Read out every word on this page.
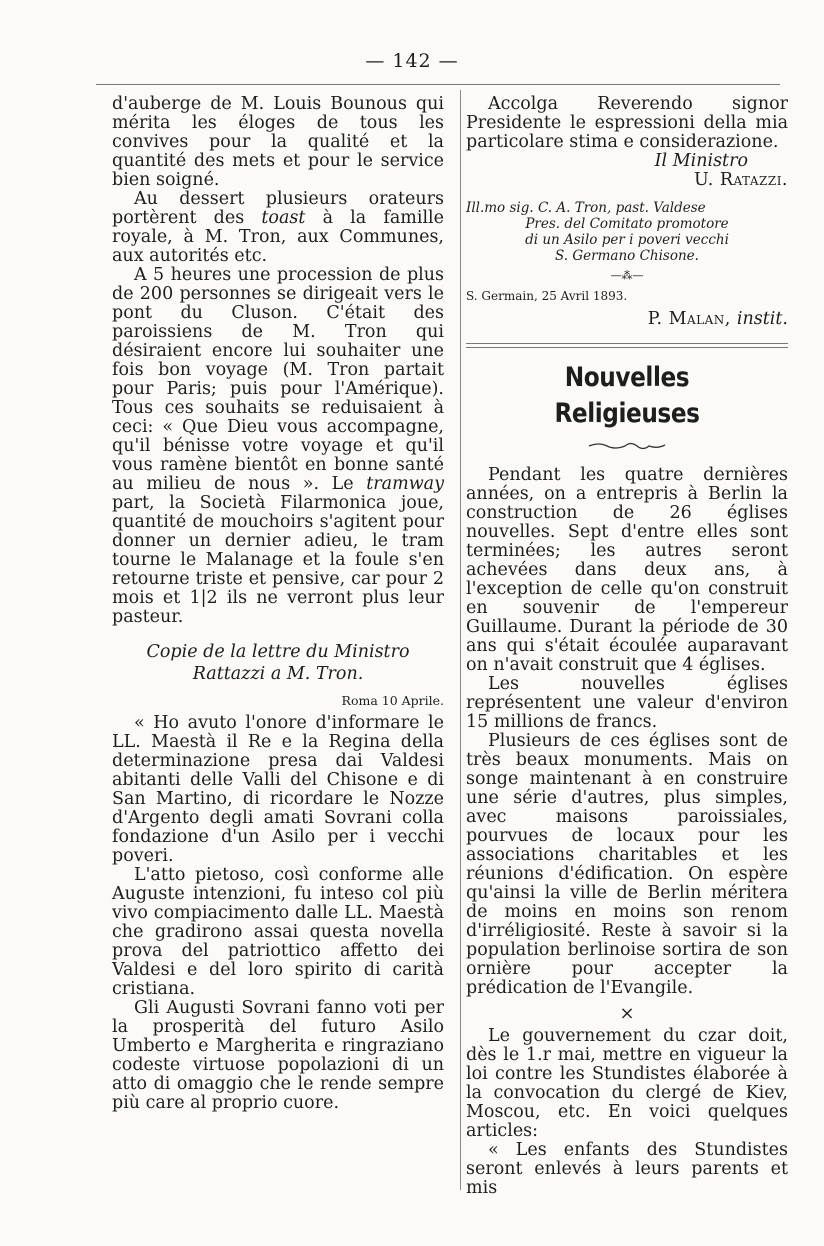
— 142 —

d'auberge de M. Louis Bounous qui mérita les éloges de tous les convives pour la qualité et la quantité des mets et pour le service bien soigné.

Au dessert plusieurs orateurs portèrent des toast à la famille royale, à M. Tron, aux Communes, aux autorités etc.

A 5 heures une procession de plus de 200 personnes se dirigeait vers le pont du Cluson. C'était des paroissiens de M. Tron qui désiraient encore lui souhaiter une fois bon voyage (M. Tron partait pour Paris; puis pour l'Amérique). Tous ces souhaits se reduisaient à ceci: « Que Dieu vous accompagne, qu'il bénisse votre voyage et qu'il vous ramène bientôt en bonne santé au milieu de nous ». Le tramway part, la Società Filarmonica joue, quantité de mouchoirs s'agitent pour donner un dernier adieu, le tram tourne le Malanage et la foule s'en retourne triste et pensive, car pour 2 mois et 1|2 ils ne verront plus leur pasteur.

Copie de la lettre du Ministro
Rattazzi a M. Tron.
Roma 10 Aprile.

« Ho avuto l'onore d'informare le LL. Maestà il Re e la Regina della determinazione presa dai Valdesi abitanti delle Valli del Chisone e di San Martino, di ricordare le Nozze d'Argento degli amati Sovrani colla fondazione d'un Asilo per i vecchi poveri.

L'atto pietoso, così conforme alle Auguste intenzioni, fu inteso col più vivo compiacimento dalle LL. Maestà che gradirono assai questa novella prova del patriottico affetto dei Valdesi e del loro spirito di carità cristiana.

Gli Augusti Sovrani fanno voti per la prosperità del futuro Asilo Umberto e Margherita e ringraziano codeste virtuose popolazioni di un atto di omaggio che le rende sempre più care al proprio cuore.

Accolga Reverendo signor Presidente le espressioni della mia particolare stima e considerazione.

Il Ministro
U. Ratazzi.
Ill.mo sig. C. A. Tron, past. Valdese
Pres. del Comitato promotore
di un Asilo per i poveri vecchi
S. Germano Chisone.
—⁂—
S. Germain, 25 Avril 1893.
P. Malan, instit.
Nouvelles Religieuses

Pendant les quatre dernières années, on a entrepris à Berlin la construction de 26 églises nouvelles. Sept d'entre elles sont terminées; les autres seront achevées dans deux ans, à l'exception de celle qu'on construit en souvenir de l'empereur Guillaume. Durant la période de 30 ans qui s'était écoulée auparavant on n'avait construit que 4 églises.

Les nouvelles églises représentent une valeur d'environ 15 millions de francs.

Plusieurs de ces églises sont de très beaux monuments. Mais on songe maintenant à en construire une série d'autres, plus simples, avec maisons paroissiales, pourvues de locaux pour les associations charitables et les réunions d'édification. On espère qu'ainsi la ville de Berlin méritera de moins en moins son renom d'irréligiosité. Reste à savoir si la population berlinoise sortira de son ornière pour accepter la prédication de l'Evangile.

×

Le gouvernement du czar doit, dès le 1.r mai, mettre en vigueur la loi contre les Stundistes élaborée à la convocation du clergé de Kiev, Moscou, etc. En voici quelques articles:

« Les enfants des Stundistes seront enlevés à leurs parents et mis
